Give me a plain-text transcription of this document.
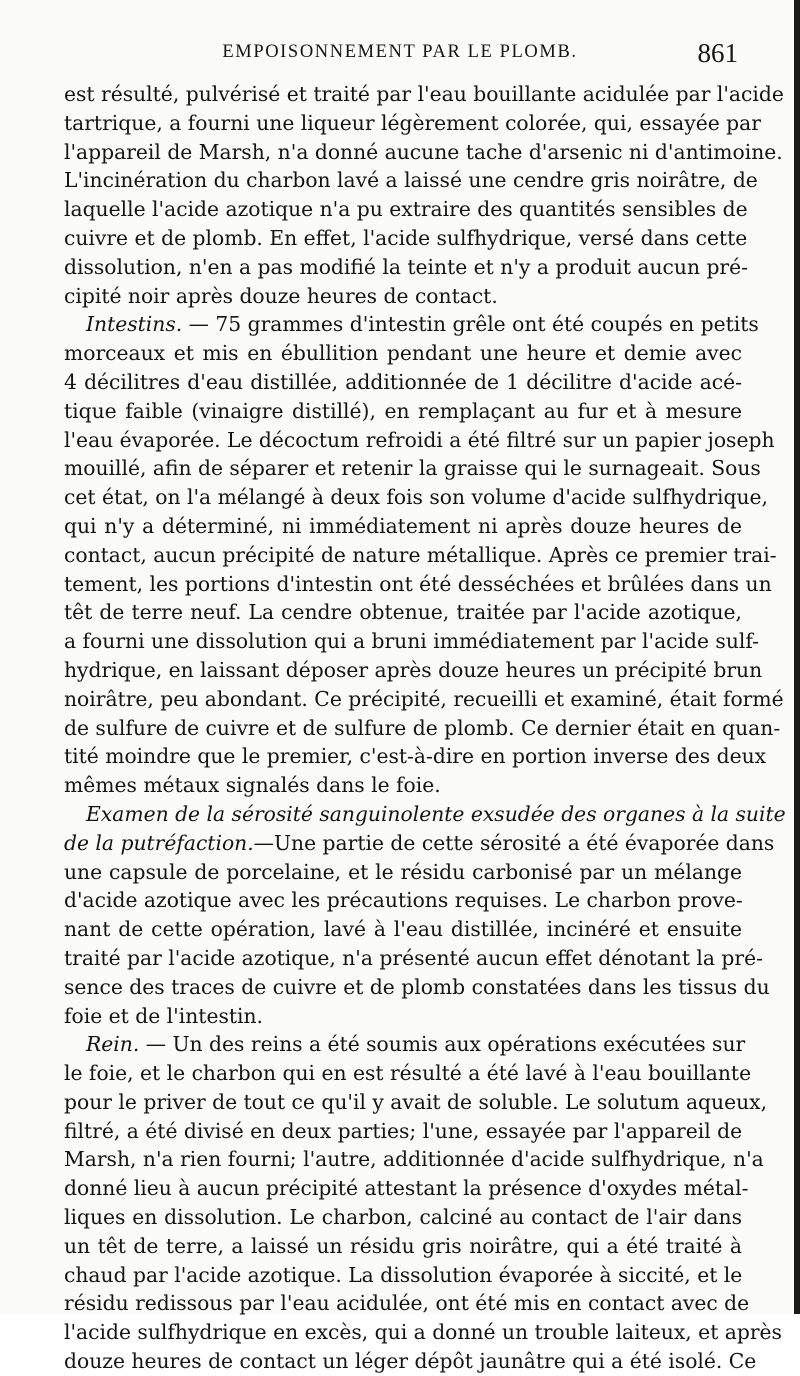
EMPOISONNEMENT PAR LE PLOMB.	861
est résulté, pulvérisé et traité par l'eau bouillante acidulée par l'acide
tartrique, a fourni une liqueur légèrement colorée, qui, essayée par
l'appareil de Marsh, n'a donné aucune tache d'arsenic ni d'antimoine.
L'incinération du charbon lavé a laissé une cendre gris noirâtre, de
laquelle l'acide azotique n'a pu extraire des quantités sensibles de
cuivre et de plomb. En effet, l'acide sulfhydrique, versé dans cette
dissolution, n'en a pas modifié la teinte et n'y a produit aucun pré-
cipité noir après douze heures de contact.
Intestins. — 75 grammes d'intestin grêle ont été coupés en petits
morceaux et mis en ébullition pendant une heure et demie avec
4 décilitres d'eau distillée, additionnée de 1 décilitre d'acide acé-
tique faible (vinaigre distillé), en remplaçant au fur et à mesure
l'eau évaporée. Le décoctum refroidi a été filtré sur un papier joseph
mouillé, afin de séparer et retenir la graisse qui le surnageait. Sous
cet état, on l'a mélangé à deux fois son volume d'acide sulfhydrique,
qui n'y a déterminé, ni immédiatement ni après douze heures de
contact, aucun précipité de nature métallique. Après ce premier trai-
tement, les portions d'intestin ont été desséchées et brûlées dans un
têt de terre neuf. La cendre obtenue, traitée par l'acide azotique,
a fourni une dissolution qui a bruni immédiatement par l'acide sulf-
hydrique, en laissant déposer après douze heures un précipité brun
noirâtre, peu abondant. Ce précipité, recueilli et examiné, était formé
de sulfure de cuivre et de sulfure de plomb. Ce dernier était en quan-
tité moindre que le premier, c'est-à-dire en portion inverse des deux
mêmes métaux signalés dans le foie.
Examen de la sérosité sanguinolente exsudée des organes à la suite
de la putréfaction.—Une partie de cette sérosité a été évaporée dans
une capsule de porcelaine, et le résidu carbonisé par un mélange
d'acide azotique avec les précautions requises. Le charbon prove-
nant de cette opération, lavé à l'eau distillée, incinéré et ensuite
traité par l'acide azotique, n'a présenté aucun effet dénotant la pré-
sence des traces de cuivre et de plomb constatées dans les tissus du
foie et de l'intestin.
Rein. — Un des reins a été soumis aux opérations exécutées sur
le foie, et le charbon qui en est résulté a été lavé à l'eau bouillante
pour le priver de tout ce qu'il y avait de soluble. Le solutum aqueux,
filtré, a été divisé en deux parties; l'une, essayée par l'appareil de
Marsh, n'a rien fourni; l'autre, additionnée d'acide sulfhydrique, n'a
donné lieu à aucun précipité attestant la présence d'oxydes métal-
liques en dissolution. Le charbon, calciné au contact de l'air dans
un têt de terre, a laissé un résidu gris noirâtre, qui a été traité à
chaud par l'acide azotique. La dissolution évaporée à siccité, et le
résidu redissous par l'eau acidulée, ont été mis en contact avec de
l'acide sulfhydrique en excès, qui a donné un trouble laiteux, et après
douze heures de contact un léger dépôt jaunâtre qui a été isolé. Ce
